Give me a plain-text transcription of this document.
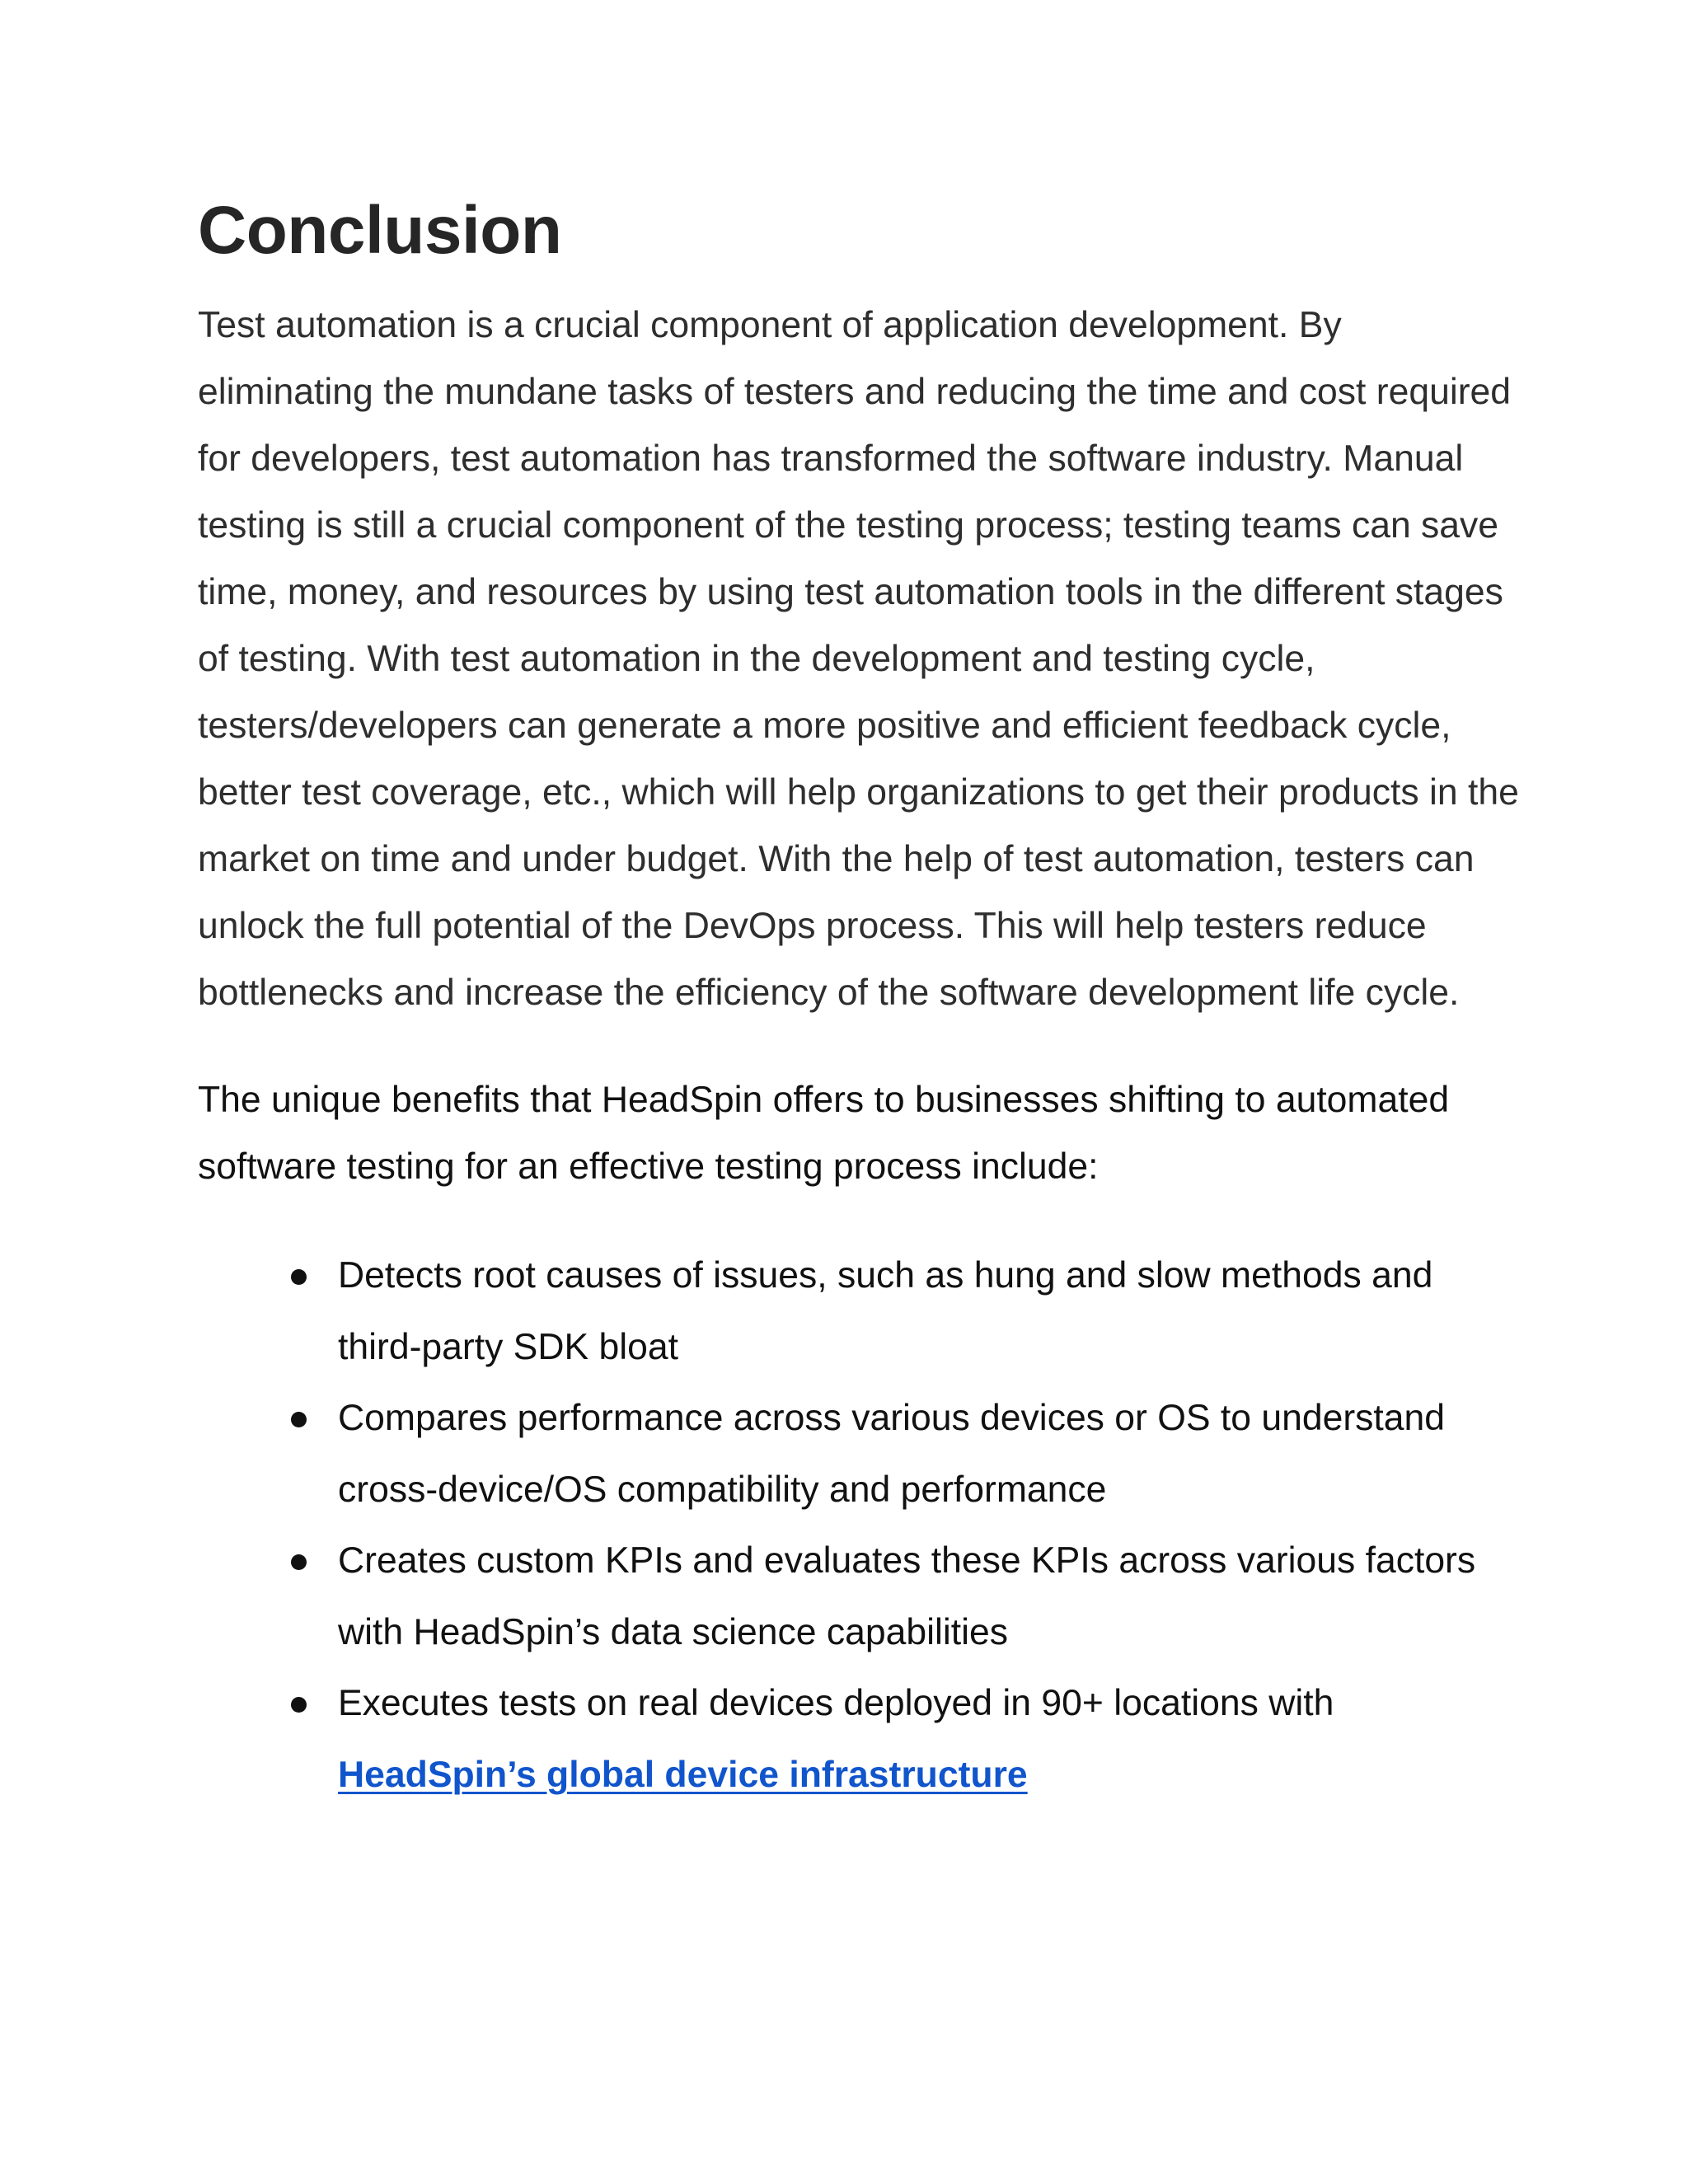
Conclusion

Test automation is a crucial component of application development. By eliminating the mundane tasks of testers and reducing the time and cost required for developers, test automation has transformed the software industry. Manual testing is still a crucial component of the testing process; testing teams can save time, money, and resources by using test automation tools in the different stages of testing. With test automation in the development and testing cycle, testers/developers can generate a more positive and efficient feedback cycle, better test coverage, etc., which will help organizations to get their products in the market on time and under budget. With the help of test automation, testers can unlock the full potential of the DevOps process. This will help testers reduce bottlenecks and increase the efficiency of the software development life cycle.

The unique benefits that HeadSpin offers to businesses shifting to automated software testing for an effective testing process include:

Detects root causes of issues, such as hung and slow methods and third-party SDK bloat
Compares performance across various devices or OS to understand cross-device/OS compatibility and performance
Creates custom KPIs and evaluates these KPIs across various factors with HeadSpin’s data science capabilities
Executes tests on real devices deployed in 90+ locations with
HeadSpin’s global device infrastructure
